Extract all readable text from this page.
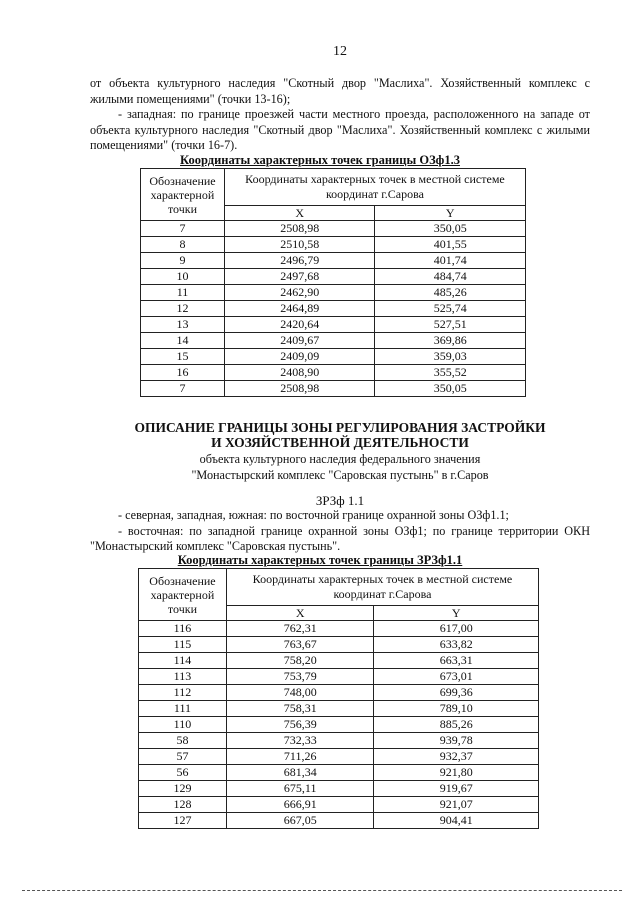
12

от объекта культурного наследия "Скотный двор "Маслиха". Хозяйственный комплекс с жилыми помещениями" (точки 13-16);

- западная: по границе проезжей части местного проезда, расположенного на западе от объекта культурного наследия "Скотный двор "Маслиха". Хозяйственный комплекс с жилыми помещениями" (точки 16-7).

Координаты характерных точек границы ОЗф1.3
Обозначение характерной точки	Координаты характерных точек в местной системе координат г.Сарова	
	X	Y
7	2508,98	350,05
8	2510,58	401,55
9	2496,79	401,74
10	2497,68	484,74
11	2462,90	485,26
12	2464,89	525,74
13	2420,64	527,51
14	2409,67	369,86
15	2409,09	359,03
16	2408,90	355,52
7	2508,98	350,05
ОПИСАНИЕ ГРАНИЦЫ ЗОНЫ РЕГУЛИРОВАНИЯ ЗАСТРОЙКИ
И ХОЗЯЙСТВЕННОЙ ДЕЯТЕЛЬНОСТИ
объекта культурного наследия федерального значения
"Монастырский комплекс "Саровская пустынь" в г.Саров
ЗРЗф 1.1

- северная, западная, южная: по восточной границе охранной зоны ОЗф1.1;

- восточная: по западной границе охранной зоны ОЗф1; по границе территории ОКН "Монастырский комплекс "Саровская пустынь".

Координаты характерных точек границы ЗРЗф1.1
Обозначение характерной точки	Координаты характерных точек в местной системе координат г.Сарова	
	X	Y
116	762,31	617,00
115	763,67	633,82
114	758,20	663,31
113	753,79	673,01
112	748,00	699,36
111	758,31	789,10
110	756,39	885,26
58	732,33	939,78
57	711,26	932,37
56	681,34	921,80
129	675,11	919,67
128	666,91	921,07
127	667,05	904,41
